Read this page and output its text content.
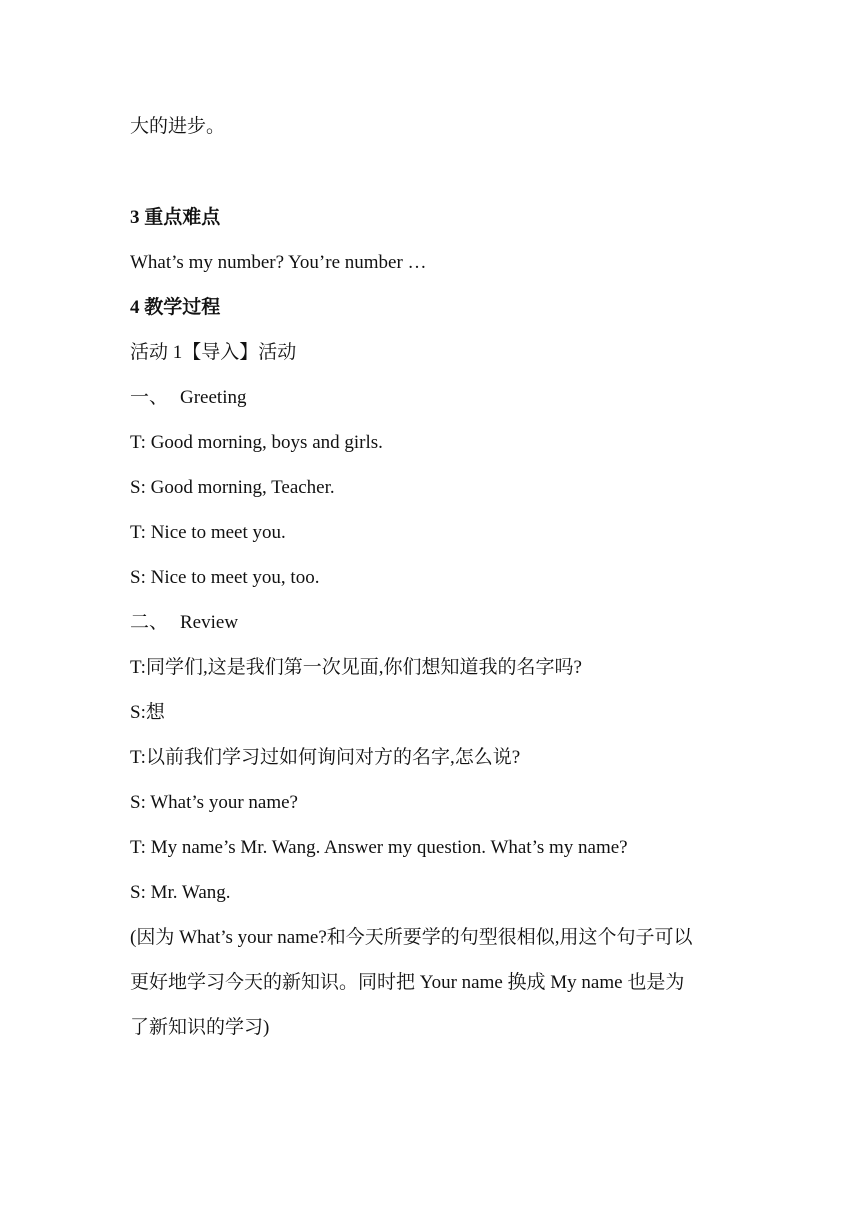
大的进步。
3 重点难点
What’s my number? You’re number …
4 教学过程
活动 1【导入】活动
一、 Greeting
T: Good morning, boys and girls.
S: Good morning, Teacher.
T: Nice to meet you.
S: Nice to meet you, too.
二、 Review
T:同学们,这是我们第一次见面,你们想知道我的名字吗?
S:想
T:以前我们学习过如何询问对方的名字,怎么说?
S: What’s your name?
T: My name’s Mr. Wang. Answer my question. What’s my name?
S: Mr. Wang.
(因为 What’s your name?和今天所要学的句型很相似,用这个句子可以
更好地学习今天的新知识。同时把 Your name 换成 My name 也是为
了新知识的学习)
